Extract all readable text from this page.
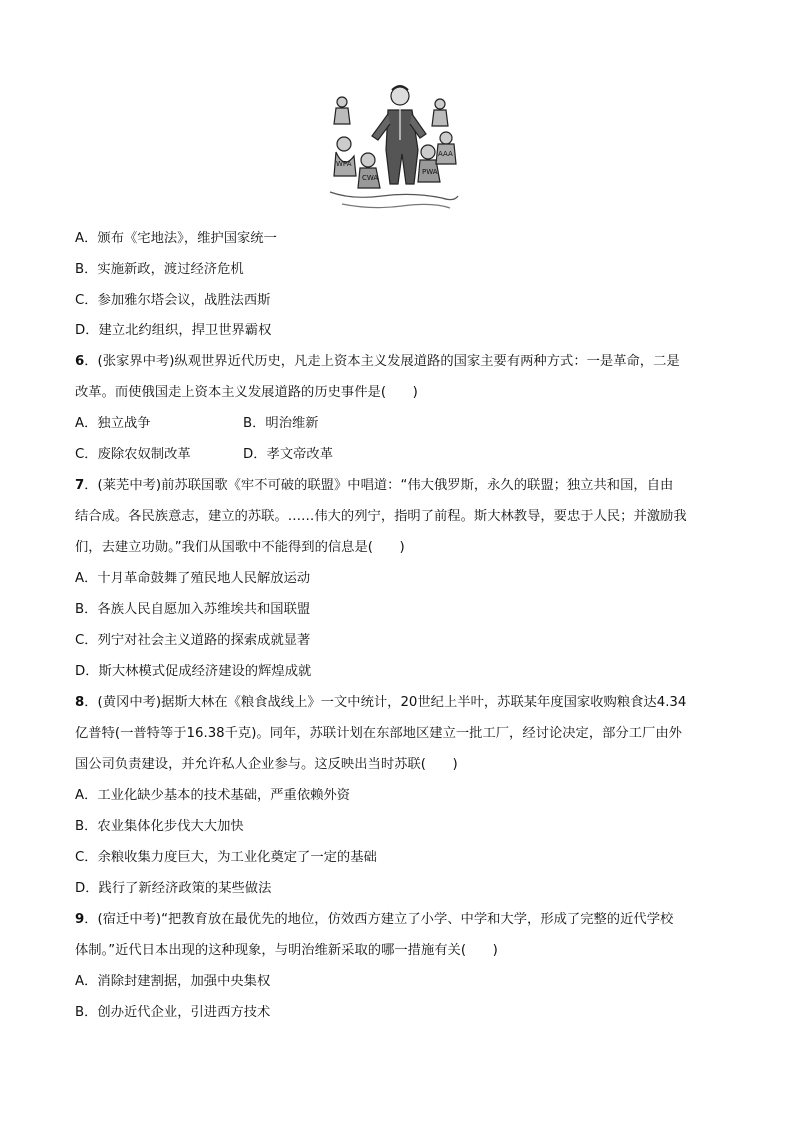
WPA
CWA
PWA
AAA
A．颁布《宅地法》，维护国家统一
B．实施新政，渡过经济危机
C．参加雅尔塔会议，战胜法西斯
D．建立北约组织，捍卫世界霸权
6．(张家界中考)纵观世界近代历史，凡走上资本主义发展道路的国家主要有两种方式：一是革命，二是
改革。而使俄国走上资本主义发展道路的历史事件是(　　)
A．独立战争	B．明治维新
C．废除农奴制改革	D．孝文帝改革
7．(莱芜中考)前苏联国歌《牢不可破的联盟》中唱道：“伟大俄罗斯，永久的联盟；独立共和国，自由
结合成。各民族意志，建立的苏联。……伟大的列宁，指明了前程。斯大林教导，要忠于人民；并激励我
们，去建立功勋。”我们从国歌中不能得到的信息是(　　)
A．十月革命鼓舞了殖民地人民解放运动
B．各族人民自愿加入苏维埃共和国联盟
C．列宁对社会主义道路的探索成就显著
D．斯大林模式促成经济建设的辉煌成就
8．(黄冈中考)据斯大林在《粮食战线上》一文中统计，20世纪上半叶，苏联某年度国家收购粮食达4.34
亿普特(一普特等于16.38千克)。同年，苏联计划在东部地区建立一批工厂，经讨论决定，部分工厂由外
国公司负责建设，并允许私人企业参与。这反映出当时苏联(　　)
A．工业化缺少基本的技术基础，严重依赖外资
B．农业集体化步伐大大加快
C．余粮收集力度巨大，为工业化奠定了一定的基础
D．践行了新经济政策的某些做法
9．(宿迁中考)“把教育放在最优先的地位，仿效西方建立了小学、中学和大学，形成了完整的近代学校
体制。”近代日本出现的这种现象，与明治维新采取的哪一措施有关(　　)
A．消除封建割据，加强中央集权
B．创办近代企业，引进西方技术
